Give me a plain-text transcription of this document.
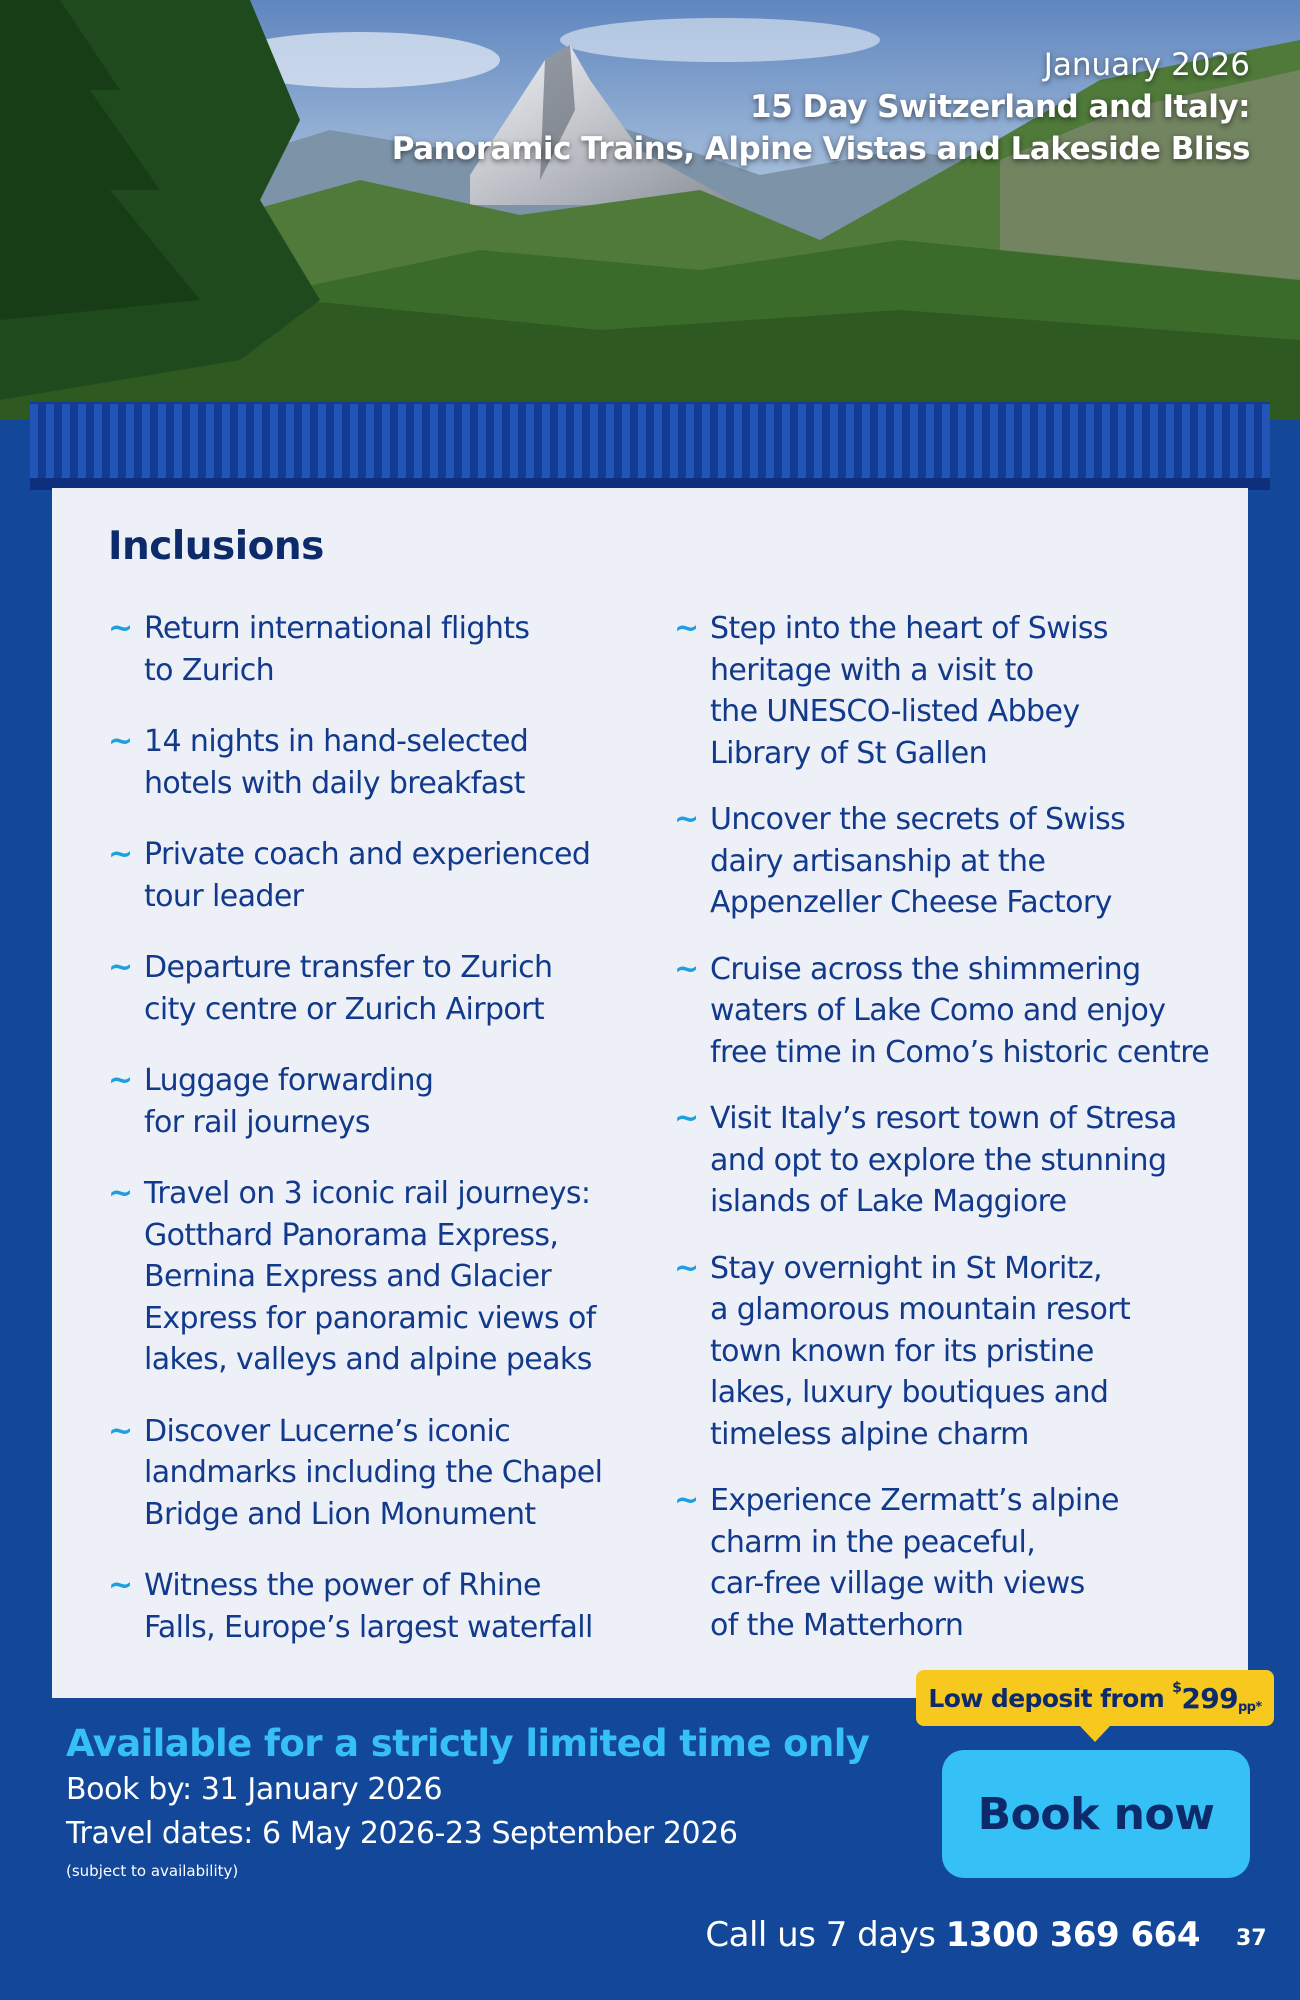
January 2026
15 Day Switzerland and Italy:
Panoramic Trains, Alpine Vistas and Lakeside Bliss
Inclusions
~ Return international flights
to Zurich
~ 14 nights in hand-selected
hotels with daily breakfast
~ Private coach and experienced
tour leader
~ Departure transfer to Zurich
city centre or Zurich Airport
~ Luggage forwarding
for rail journeys
~ Travel on 3 iconic rail journeys:
Gotthard Panorama Express,
Bernina Express and Glacier
Express for panoramic views of
lakes, valleys and alpine peaks
~ Discover Lucerne’s iconic
landmarks including the Chapel
Bridge and Lion Monument
~ Witness the power of Rhine
Falls, Europe’s largest waterfall
~ Step into the heart of Swiss
heritage with a visit to
the UNESCO-listed Abbey
Library of St Gallen
~ Uncover the secrets of Swiss
dairy artisanship at the
Appenzeller Cheese Factory
~ Cruise across the shimmering
waters of Lake Como and enjoy
free time in Como’s historic centre
~ Visit Italy’s resort town of Stresa
and opt to explore the stunning
islands of Lake Maggiore
~ Stay overnight in St Moritz,
a glamorous mountain resort
town known for its pristine
lakes, luxury boutiques and
timeless alpine charm
~ Experience Zermatt’s alpine
charm in the peaceful,
car-free village with views
of the Matterhorn
Available for a strictly limited time only
Book by: 31 January 2026
Travel dates: 6 May 2026-23 September 2026
(subject to availability)
Low deposit from $299pp*
Book now
Call us 7 days 1300 369 664 37
